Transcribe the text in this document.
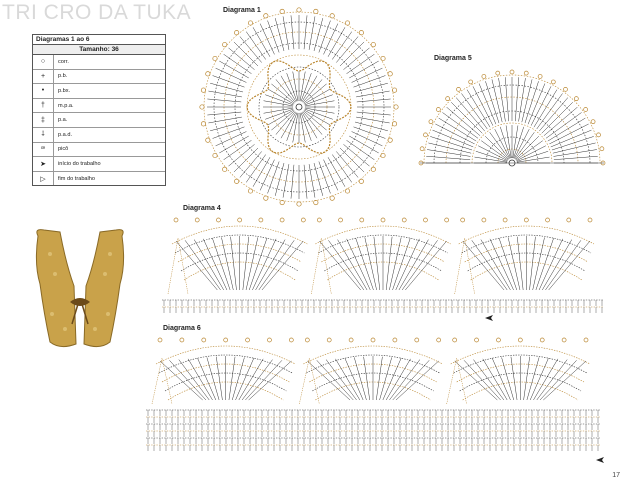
TRI CRO DA TUKA
Diagramas 1 ao 6
Tamanho: 36
○	corr.
+	p.b.
•	p.bx.
†	m.p.a.
‡	p.a.
⸸	p.a.d.
ꟹ	picô
➤	início do trabalho
▷	fim do trabalho
Diagrama 1
Diagrama 5
Diagrama 4
Diagrama 6
17
